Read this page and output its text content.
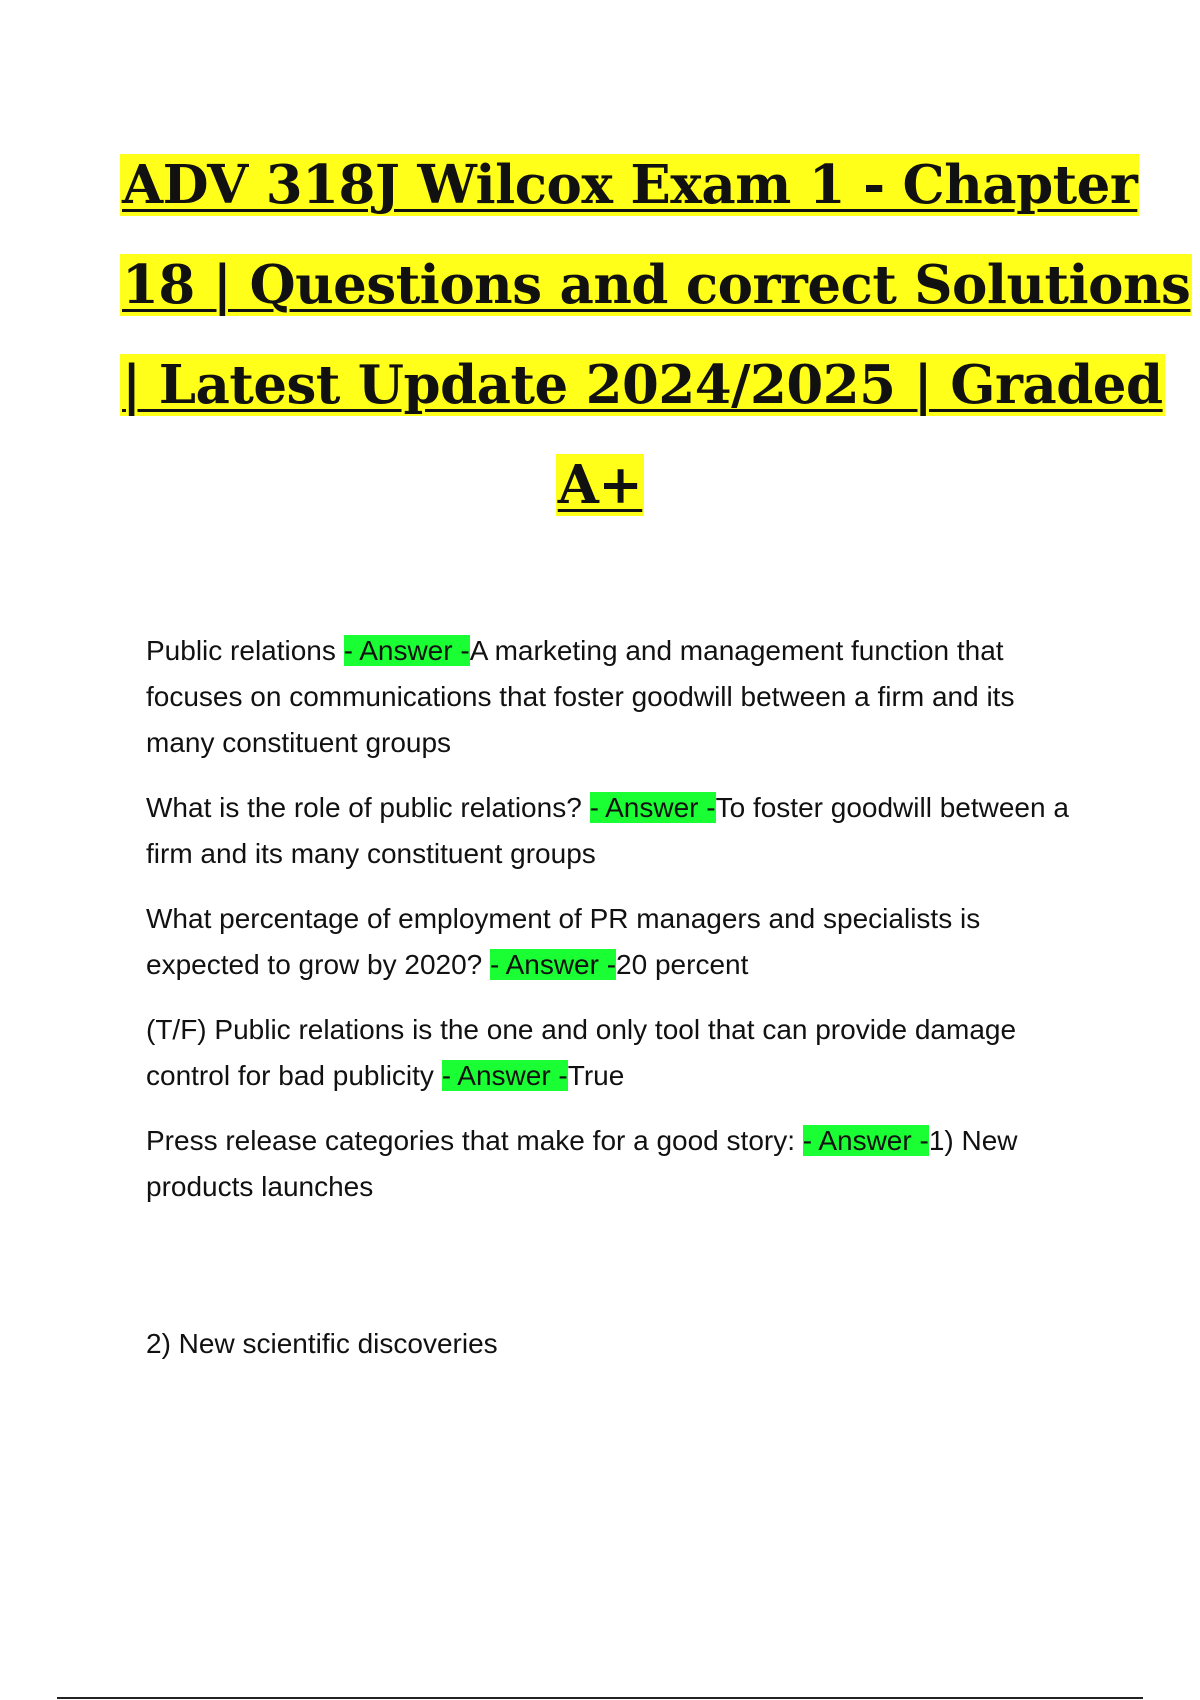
ADV 318J Wilcox Exam 1 - Chapter
18 | Questions and correct Solutions
| Latest Update 2024/2025 | Graded
A+

Public relations - Answer -A marketing and management function that focuses on communications that foster goodwill between a firm and its many constituent groups

What is the role of public relations? - Answer -To foster goodwill between a firm and its many constituent groups

What percentage of employment of PR managers and specialists is expected to grow by 2020? - Answer -20 percent

(T/F) Public relations is the one and only tool that can provide damage control for bad publicity - Answer -True

Press release categories that make for a good story: - Answer -1) New products launches

2) New scientific discoveries
